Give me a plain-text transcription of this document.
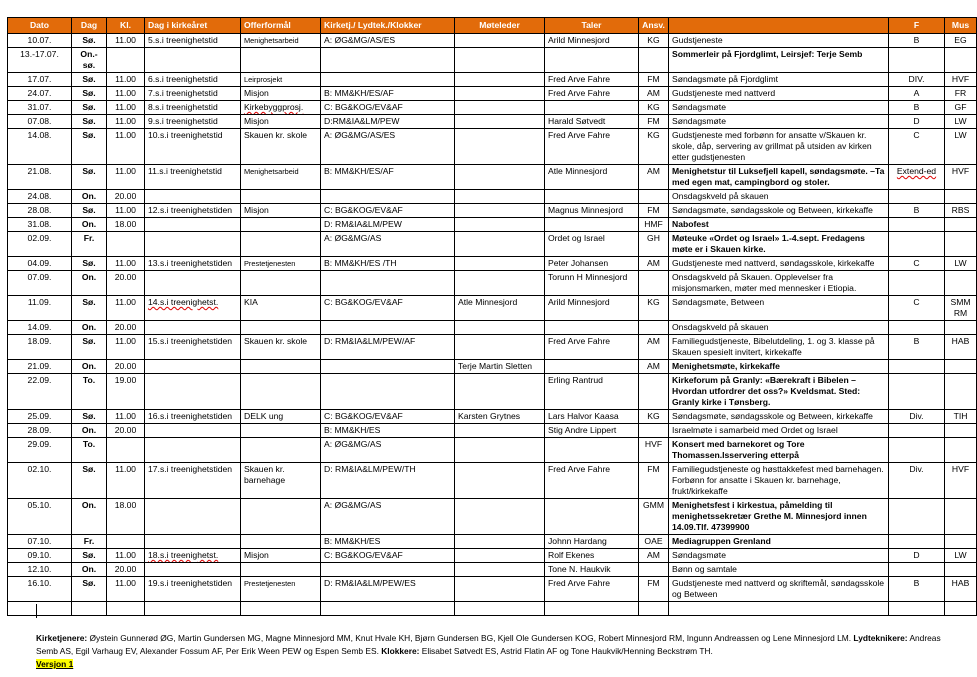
Dato	Dag	Kl.	Dag i kirkeåret	Offerformål	Kirketj./ Lydtek./Klokker	Møteleder	Taler	Ansv.		F	Mus
10.07.	Sø.	11.00	5.s.i treenighetstid	Menighetsarbeid	A: ØG&MG/AS/ES		Arild Minnesjord	KG	Gudstjeneste	B	EG
13.-17.07.	On.-sø.								Sommerleir på Fjordglimt, Leirsjef: Terje Semb		
17.07.	Sø.	11.00	6.s.i treenighetstid	Leirprosjekt			Fred Arve Fahre	FM	Søndagsmøte på Fjordglimt	DIV.	HVF
24.07.	Sø.	11.00	7.s.i treenighetstid	Misjon	B: MM&KH/ES/AF		Fred Arve Fahre	AM	Gudstjeneste med nattverd	A	FR
31.07.	Sø.	11.00	8.s.i treenighetstid	Kirkebyggprosj.	C: BG&KOG/EV&AF			KG	Søndagsmøte	B	GF
07.08.	Sø.	11.00	9.s.i treenighetstid	Misjon	D:RM&IA&LM/PEW		Harald Søtvedt	FM	Søndagsmøte	D	LW
14.08.	Sø.	11.00	10.s.i treenighetstid	Skauen kr. skole	A: ØG&MG/AS/ES		Fred Arve Fahre	KG	Gudstjeneste med forbønn for ansatte v/Skauen kr. skole, dåp, servering av grillmat på utsiden av kirken etter gudstjenesten	C	LW
21.08.	Sø.	11.00	11.s.i treenighetstid	Menighetsarbeid	B: MM&KH/ES/AF		Atle Minnesjord	AM	Menighetstur til Luksefjell kapell, søndagsmøte. –Ta med egen mat, campingbord og stoler.	Extend-ed	HVF
24.08.	On.	20.00							Onsdagskveld på skauen		
28.08.	Sø.	11.00	12.s.i treenighetstiden	Misjon	C: BG&KOG/EV&AF		Magnus Minnesjord	FM	Søndagsmøte, søndagsskole og Between, kirkekaffe	B	RBS
31.08.	On.	18.00			D: RM&IA&LM/PEW			HMF	Nabofest		
02.09.	Fr.				A: ØG&MG/AS		Ordet og Israel	GH	Møteuke «Ordet og Israel» 1.-4.sept. Fredagens møte er i Skauen kirke.		
04.09.	Sø.	11.00	13.s.i treenighetstiden	Prestetjenesten	B: MM&KH/ES /TH		Peter Johansen	AM	Gudstjeneste med nattverd, søndagsskole, kirkekaffe	C	LW
07.09.	On.	20.00					Torunn H Minnesjord		Onsdagskveld på Skauen. Opplevelser fra misjonsmarken, møter med mennesker i Etiopia.		
11.09.	Sø.	11.00	14.s.i treenighetst.	KIA	C: BG&KOG/EV&AF	Atle Minnesjord	Arild Minnesjord	KG	Søndagsmøte, Between	C	SMM RM
14.09.	On.	20.00							Onsdagskveld på skauen		
18.09.	Sø.	11.00	15.s.i treenighetstiden	Skauen kr. skole	D: RM&IA&LM/PEW/AF		Fred Arve Fahre	AM	Familiegudstjeneste, Bibelutdeling, 1. og 3. klasse på Skauen spesielt invitert, kirkekaffe	B	HAB
21.09.	On.	20.00				Terje Martin Sletten		AM	Menighetsmøte, kirkekaffe		
22.09.	To.	19.00					Erling Rantrud		Kirkeforum på Granly: «Bærekraft i Bibelen – Hvordan utfordrer det oss?» Kveldsmat. Sted: Granly kirke i Tønsberg.		
25.09.	Sø.	11.00	16.s.i treenighetstiden	DELK ung	C: BG&KOG/EV&AF	Karsten Grytnes	Lars Halvor Kaasa	KG	Søndagsmøte, søndagsskole og Between, kirkekaffe	Div.	TIH
28.09.	On.	20.00			B: MM&KH/ES		Stig Andre Lippert		Israelmøte i samarbeid med Ordet og Israel		
29.09.	To.				A: ØG&MG/AS			HVF	Konsert med barnekoret og Tore Thomassen.Isservering etterpå		
02.10.	Sø.	11.00	17.s.i treenighetstiden	Skauen kr. barnehage	D: RM&IA&LM/PEW/TH		Fred Arve Fahre	FM	Familiegudstjeneste og høsttakkefest med barnehagen. Forbønn for ansatte i Skauen kr. barnehage, frukt/kirkekaffe	Div.	HVF
05.10.	On.	18.00			A: ØG&MG/AS			GMM	Menighetsfest i kirkestua, påmelding til menighetssekretær Grethe M. Minnesjord innen 14.09.Tlf. 47399900		
07.10.	Fr.				B: MM&KH/ES		Johnn Hardang	OAE	Mediagruppen Grenland		
09.10.	Sø.	11.00	18.s.i treenighetst.	Misjon	C: BG&KOG/EV&AF		Rolf Ekenes	AM	Søndagsmøte	D	LW
12.10.	On.	20.00					Tone N. Haukvik		Bønn og samtale		
16.10.	Sø.	11.00	19.s.i treenighetstiden	Prestetjenesten	D: RM&IA&LM/PEW/ES		Fred Arve Fahre	FM	Gudstjeneste med nattverd og skriftemål, søndagsskole og Between	B	HAB

Kirketjenere: Øystein Gunnerød ØG, Martin Gundersen MG, Magne Minnesjord MM, Knut Hvale KH, Bjørn Gundersen BG, Kjell Ole Gundersen KOG, Robert Minnesjord RM, Ingunn Andreassen og Lene Minnesjord LM. Lydteknikere: Andreas Semb AS, Egil Varhaug EV, Alexander Fossum AF, Per Erik Ween PEW og Espen Semb ES. Klokkere: Elisabet Søtvedt ES, Astrid Flatin AF og Tone Haukvik/Henning Beckstrøm TH.
Versjon 1
